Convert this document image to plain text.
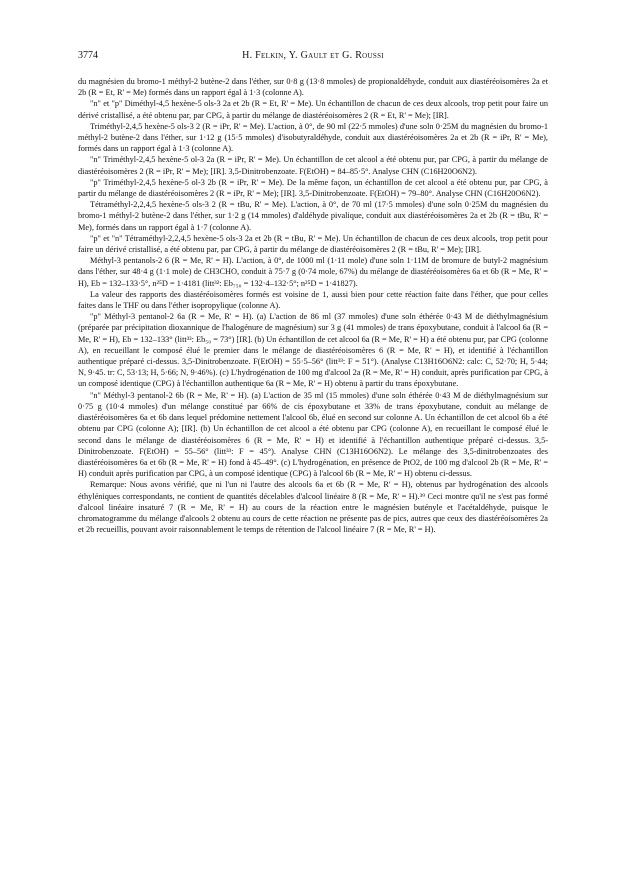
3774	H. Felkin, Y. Gault et G. Roussi

du magnésien du bromo-1 méthyl-2 butène-2 dans l'éther, sur 0·8 g (13·8 mmoles) de propionaldéhyde, conduit aux diastéréoisomères 2a et 2b (R = Et, R' = Me) formés dans un rapport égal à 1·3 (colonne A).

"n" et "p" Diméthyl-4,5 hexène-5 ols-3 2a et 2b (R = Et, R' = Me). Un échantillon de chacun de ces deux alcools, trop petit pour faire un dérivé cristallisé, a été obtenu par, par CPG, à partir du mélange de diastéréoisomères 2 (R = Et, R' = Me); [IR].

Triméthyl-2,4,5 hexène-5 ols-3 2 (R = iPr, R' = Me). L'action, à 0°, de 90 ml (22·5 mmoles) d'une soln 0·25M du magnésien du bromo-1 méthyl-2 butène-2 dans l'éther, sur 1·12 g (15·5 mmoles) d'isobutyraldéhyde, conduit aux diastéréoisomères 2a et 2b (R = iPr, R' = Me), formés dans un rapport égal à 1·3 (colonne A).

"n" Triméthyl-2,4,5 hexène-5 ol-3 2a (R = iPr, R' = Me). Un échantillon de cet alcool a été obtenu pur, par CPG, à partir du mélange de diastéréoisomères 2 (R = iPr, R' = Me); [IR]. 3,5-Dinitrobenzoate. F(EtOH) = 84–85·5°. Analyse CHN (C16H20O6N2).

"p" Triméthyl-2,4,5 hexène-5 ol-3 2b (R = iPr, R' = Me). De la même façon, un échantillon de cet alcool a été obtenu pur, par CPG, à partir du mélange de diastéréoisomères 2 (R = iPr, R' = Me); [IR]. 3,5-Dinitrobenzoate. F(EtOH) = 79–80°. Analyse CHN (C16H20O6N2).

Tétraméthyl-2,2,4,5 hexène-5 ols-3 2 (R = tBu, R' = Me). L'action, à 0°, de 70 ml (17·5 mmoles) d'une soln 0·25M du magnésien du bromo-1 méthyl-2 butène-2 dans l'éther, sur 1·2 g (14 mmoles) d'aldéhyde pivalique, conduit aux diastéréoisomères 2a et 2b (R = tBu, R' = Me), formés dans un rapport égal à 1·7 (colonne A).

"p" et "n" Tétraméthyl-2,2,4,5 hexène-5 ols-3 2a et 2b (R = tBu, R' = Me). Un échantillon de chacun de ces deux alcools, trop petit pour faire un dérivé cristallisé, a été obtenu par, par CPG, à partir du mélange de diastéréoisomères 2 (R = tBu, R' = Me); [IR].

Méthyl-3 pentanols-2 6 (R = Me, R' = H). L'action, à 0°, de 1000 ml (1·11 mole) d'une soln 1·11M de bromure de butyl-2 magnésium dans l'éther, sur 48·4 g (1·1 mole) de CH3CHO, conduit à 75·7 g (0·74 mole, 67%) du mélange de diastéréoisomères 6a et 6b (R = Me, R' = H), Eb = 132–133·5°, n²⁵D = 1·4181 (litt³²: Eb₇₅₀ = 132·4–132·5°; n²⁵D = 1·41827).

La valeur des rapports des diastéréoisomères formés est voisine de 1, aussi bien pour cette réaction faite dans l'éther, que pour celles faites dans le THF ou dans l'éther isopropylique (colonne A).

"p" Méthyl-3 pentanol-2 6a (R = Me, R' = H). (a) L'action de 86 ml (37 mmoles) d'une soln éthérée 0·43 M de diéthylmagnésium (préparée par précipitation dioxannique de l'halogénure de magnésium) sur 3 g (41 mmoles) de trans époxybutane, conduit à l'alcool 6a (R = Me, R' = H), Eb = 132–133° (litt³³: Eb₅₀ = 73°) [IR]. (b) Un échantillon de cet alcool 6a (R = Me, R' = H) a été obtenu pur, par CPG (colonne A), en recueillant le composé élué le premier dans le mélange de diastéréoisomères 6 (R = Me, R' = H), et identifié à l'échantillon authentique préparé ci-dessus. 3,5-Dinitrobenzoate. F(EtOH) = 55·5–56° (litt³³: F = 51°). (Analyse C13H16O6N2: calc: C, 52·70; H, 5·44; N, 9·45. tr: C, 53·13; H, 5·66; N, 9·46%). (c) L'hydrogénation de 100 mg d'alcool 2a (R = Me, R' = H) conduit, après purification par CPG, à un composé identique (CPG) à l'échantillon authentique 6a (R = Me, R' = H) obtenu à partir du trans époxybutane.

"n" Méthyl-3 pentanol-2 6b (R = Me, R' = H). (a) L'action de 35 ml (15 mmoles) d'une soln éthérée 0·43 M de diéthylmagnésium sur 0·75 g (10·4 mmoles) d'un mélange constitué par 66% de cis époxybutane et 33% de trans époxybutane, conduit au mélange de diastéréoisomères 6a et 6b dans lequel prédomine nettement l'alcool 6b, élué en second sur colonne A. Un échantillon de cet alcool 6b a été obtenu par CPG (colonne A); [IR]. (b) Un échantillon de cet alcool a été obtenu par CPG (colonne A), en recueillant le composé élué le second dans le mélange de diastéréoisomères 6 (R = Me, R' = H) et identifié à l'échantillon authentique préparé ci-dessus. 3,5-Dinitrobenzoate. F(EtOH) = 55–56° (litt³³: F = 45°). Analyse CHN (C13H16O6N2). Le mélange des 3,5-dinitrobenzoates des diastéréoisomères 6a et 6b (R = Me, R' = H) fond à 45–49°. (c) L'hydrogénation, en présence de PtO2, de 100 mg d'alcool 2b (R = Me, R' = H) conduit après purification par CPG, à un composé identique (CPG) à l'alcool 6b (R = Me, R' = H) obtenu ci-dessus.

Remarque: Nous avons vérifié, que ni l'un ni l'autre des alcools 6a et 6b (R = Me, R' = H), obtenus par hydrogénation des alcools éthyléniques correspondants, ne contient de quantités décelables d'alcool linéaire 8 (R = Me, R' = H).³⁹ Ceci montre qu'il ne s'est pas formé d'alcool linéaire insaturé 7 (R = Me, R' = H) au cours de la réaction entre le magnésien butényle et l'acétaldéhyde, puisque le chromatogramme du mélange d'alcools 2 obtenu au cours de cette réaction ne présente pas de pics, autres que ceux des diastéréoisomères 2a et 2b recueillis, pouvant avoir raisonnablement le temps de rétention de l'alcool linéaire 7 (R = Me, R' = H).
